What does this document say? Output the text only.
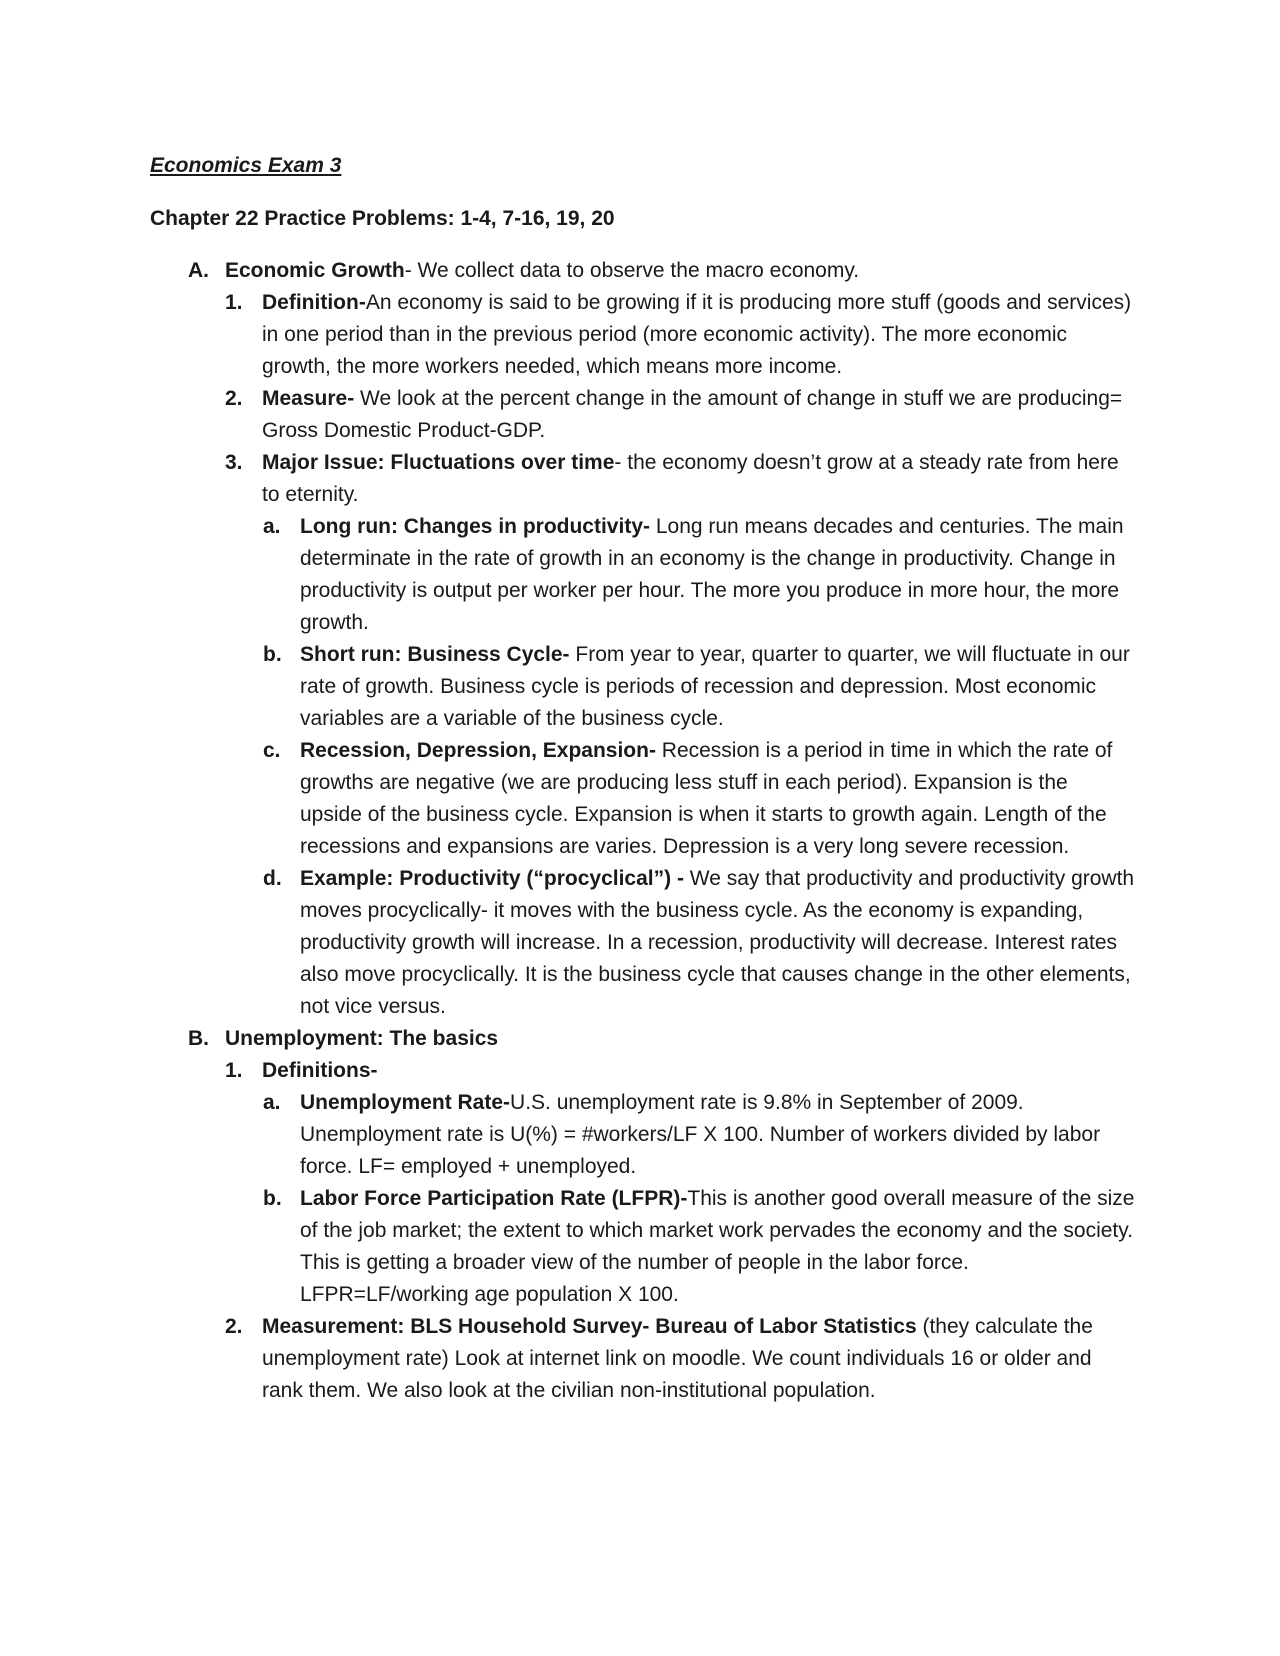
Economics Exam 3
Chapter 22 Practice Problems: 1-4, 7-16, 19, 20
A. Economic Growth- We collect data to observe the macro economy.
1. Definition-An economy is said to be growing if it is producing more stuff (goods and services) in one period than in the previous period (more economic activity). The more economic growth, the more workers needed, which means more income.
2. Measure- We look at the percent change in the amount of change in stuff we are producing= Gross Domestic Product-GDP.
3. Major Issue: Fluctuations over time- the economy doesn’t grow at a steady rate from here to eternity.
a. Long run: Changes in productivity- Long run means decades and centuries. The main determinate in the rate of growth in an economy is the change in productivity. Change in productivity is output per worker per hour. The more you produce in more hour, the more growth.
b. Short run: Business Cycle- From year to year, quarter to quarter, we will fluctuate in our rate of growth. Business cycle is periods of recession and depression. Most economic variables are a variable of the business cycle.
c. Recession, Depression, Expansion- Recession is a period in time in which the rate of growths are negative (we are producing less stuff in each period). Expansion is the upside of the business cycle. Expansion is when it starts to growth again. Length of the recessions and expansions are varies. Depression is a very long severe recession.
d. Example: Productivity (“procyclical”) - We say that productivity and productivity growth moves procyclically- it moves with the business cycle. As the economy is expanding, productivity growth will increase. In a recession, productivity will decrease. Interest rates also move procyclically. It is the business cycle that causes change in the other elements, not vice versus.
B. Unemployment: The basics
1. Definitions-
a. Unemployment Rate-U.S. unemployment rate is 9.8% in September of 2009. Unemployment rate is U(%) = #workers/LF X 100. Number of workers divided by labor force. LF= employed + unemployed.
b. Labor Force Participation Rate (LFPR)-This is another good overall measure of the size of the job market; the extent to which market work pervades the economy and the society. This is getting a broader view of the number of people in the labor force. LFPR=LF/working age population X 100.
2. Measurement: BLS Household Survey- Bureau of Labor Statistics (they calculate the unemployment rate) Look at internet link on moodle. We count individuals 16 or older and rank them. We also look at the civilian non-institutional population.
